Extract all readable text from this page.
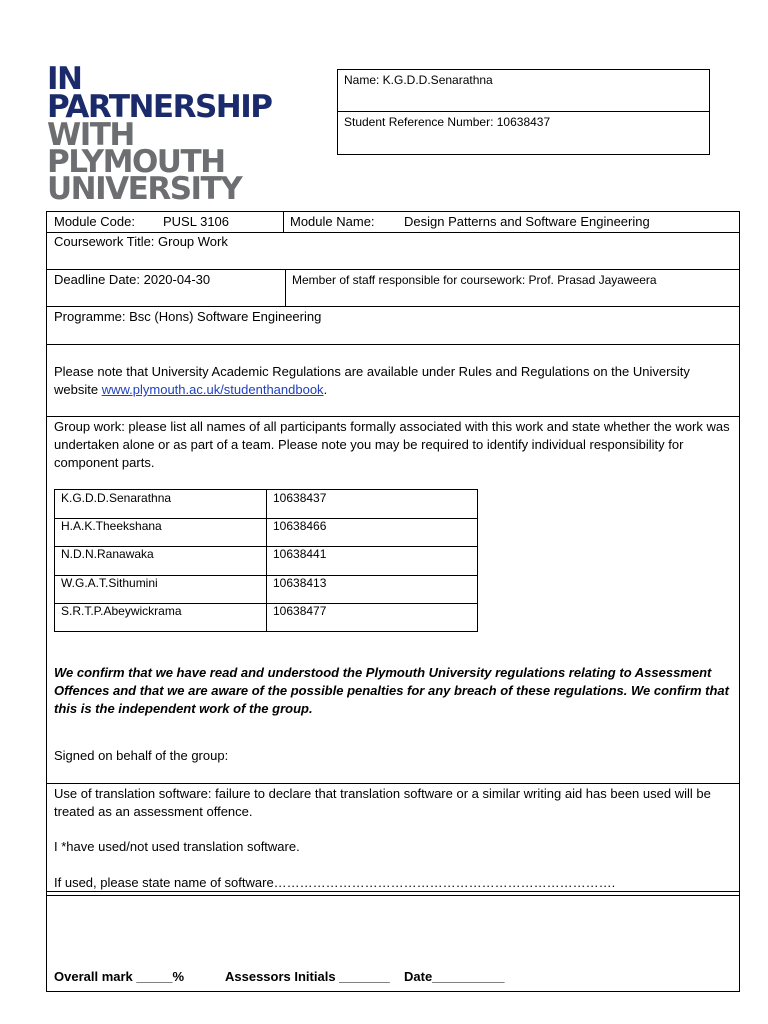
IN
PARTNERSHIP
WITH
PLYMOUTH
UNIVERSITY
Name: K.G.D.D.Senarathna
Student Reference Number: 10638437
Module Code: PUSL 3106	Module Name: Design Patterns and Software Engineering
Coursework Title: Group Work
Deadline Date: 2020-04-30	Member of staff responsible for coursework: Prof. Prasad Jayaweera
Programme: Bsc (Hons) Software Engineering
Please note that University Academic Regulations are available under Rules and Regulations on the University website www.plymouth.ac.uk/studenthandbook.
Group work: please list all names of all participants formally associated with this work and state whether the work was undertaken alone or as part of a team. Please note you may be required to identify individual responsibility for component parts.
K.G.D.D.Senarathna	10638437
H.A.K.Theekshana	10638466
N.D.N.Ranawaka	10638441
W.G.A.T.Sithumini	10638413
S.R.T.P.Abeywickrama	10638477
We confirm that we have read and understood the Plymouth University regulations relating to Assessment Offences and that we are aware of the possible penalties for any breach of these regulations. We confirm that this is the independent work of the group.
Signed on behalf of the group:
Use of translation software: failure to declare that translation software or a similar writing aid has been used will be treated as an assessment offence.
I *have used/not used translation software.
If used, please state name of software…………………………………………………………………….
Overall mark _____%	Assessors Initials _______ Date__________
